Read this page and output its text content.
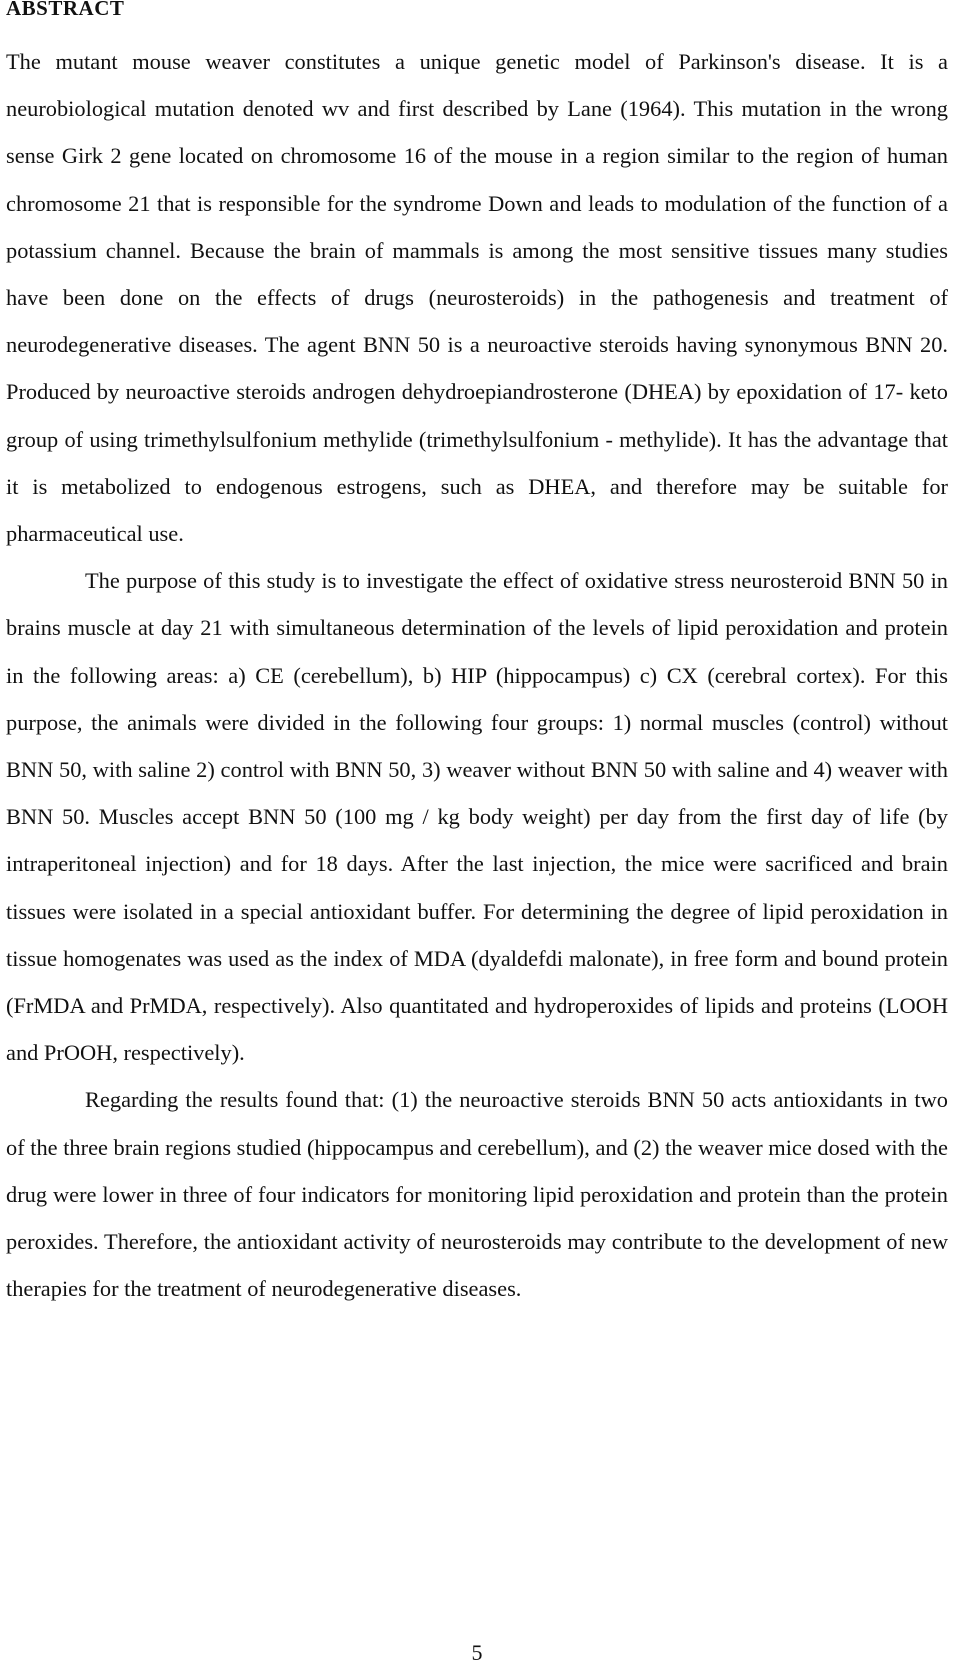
ABSTRACT

The mutant mouse weaver constitutes a unique genetic model of Parkinson's disease. It is a neurobiological mutation denoted wv and first described by Lane (1964). This mutation in the wrong sense Girk 2 gene located on chromosome 16 of the mouse in a region similar to the region of human chromosome 21 that is responsible for the syndrome Down and leads to modulation of the function of a potassium channel. Because the brain of mammals is among the most sensitive tissues many studies have been done on the effects of drugs (neurosteroids) in the pathogenesis and treatment of neurodegenerative diseases. The agent BNN 50 is a neuroactive steroids having synonymous BNN 20. Produced by neuroactive steroids androgen dehydroepiandrosterone (DHEA) by epoxidation of 17- keto group of using trimethylsulfonium methylide (trimethylsulfonium - methylide). It has the advantage that it is metabolized to endogenous estrogens, such as DHEA, and therefore may be suitable for pharmaceutical use.

The purpose of this study is to investigate the effect of oxidative stress neurosteroid BNN 50 in brains muscle at day 21 with simultaneous determination of the levels of lipid peroxidation and protein in the following areas: a) CE (cerebellum), b) HIP (hippocampus) c) CX (cerebral cortex). For this purpose, the animals were divided in the following four groups: 1) normal muscles (control) without BNN 50, with saline 2) control with BNN 50, 3) weaver without BNN 50 with saline and 4) weaver with BNN 50. Muscles accept BNN 50 (100 mg / kg body weight) per day from the first day of life (by intraperitoneal injection) and for 18 days. After the last injection, the mice were sacrificed and brain tissues were isolated in a special antioxidant buffer. For determining the degree of lipid peroxidation in tissue homogenates was used as the index of MDA (dyaldefdi malonate), in free form and bound protein (FrMDA and PrMDA, respectively). Also quantitated and hydroperoxides of lipids and proteins (LOOH and PrOOH, respectively).

Regarding the results found that: (1) the neuroactive steroids BNN 50 acts antioxidants in two of the three brain regions studied (hippocampus and cerebellum), and (2) the weaver mice dosed with the drug were lower in three of four indicators for monitoring lipid peroxidation and protein than the protein peroxides. Therefore, the antioxidant activity of neurosteroids may contribute to the development of new therapies for the treatment of neurodegenerative diseases.

5
